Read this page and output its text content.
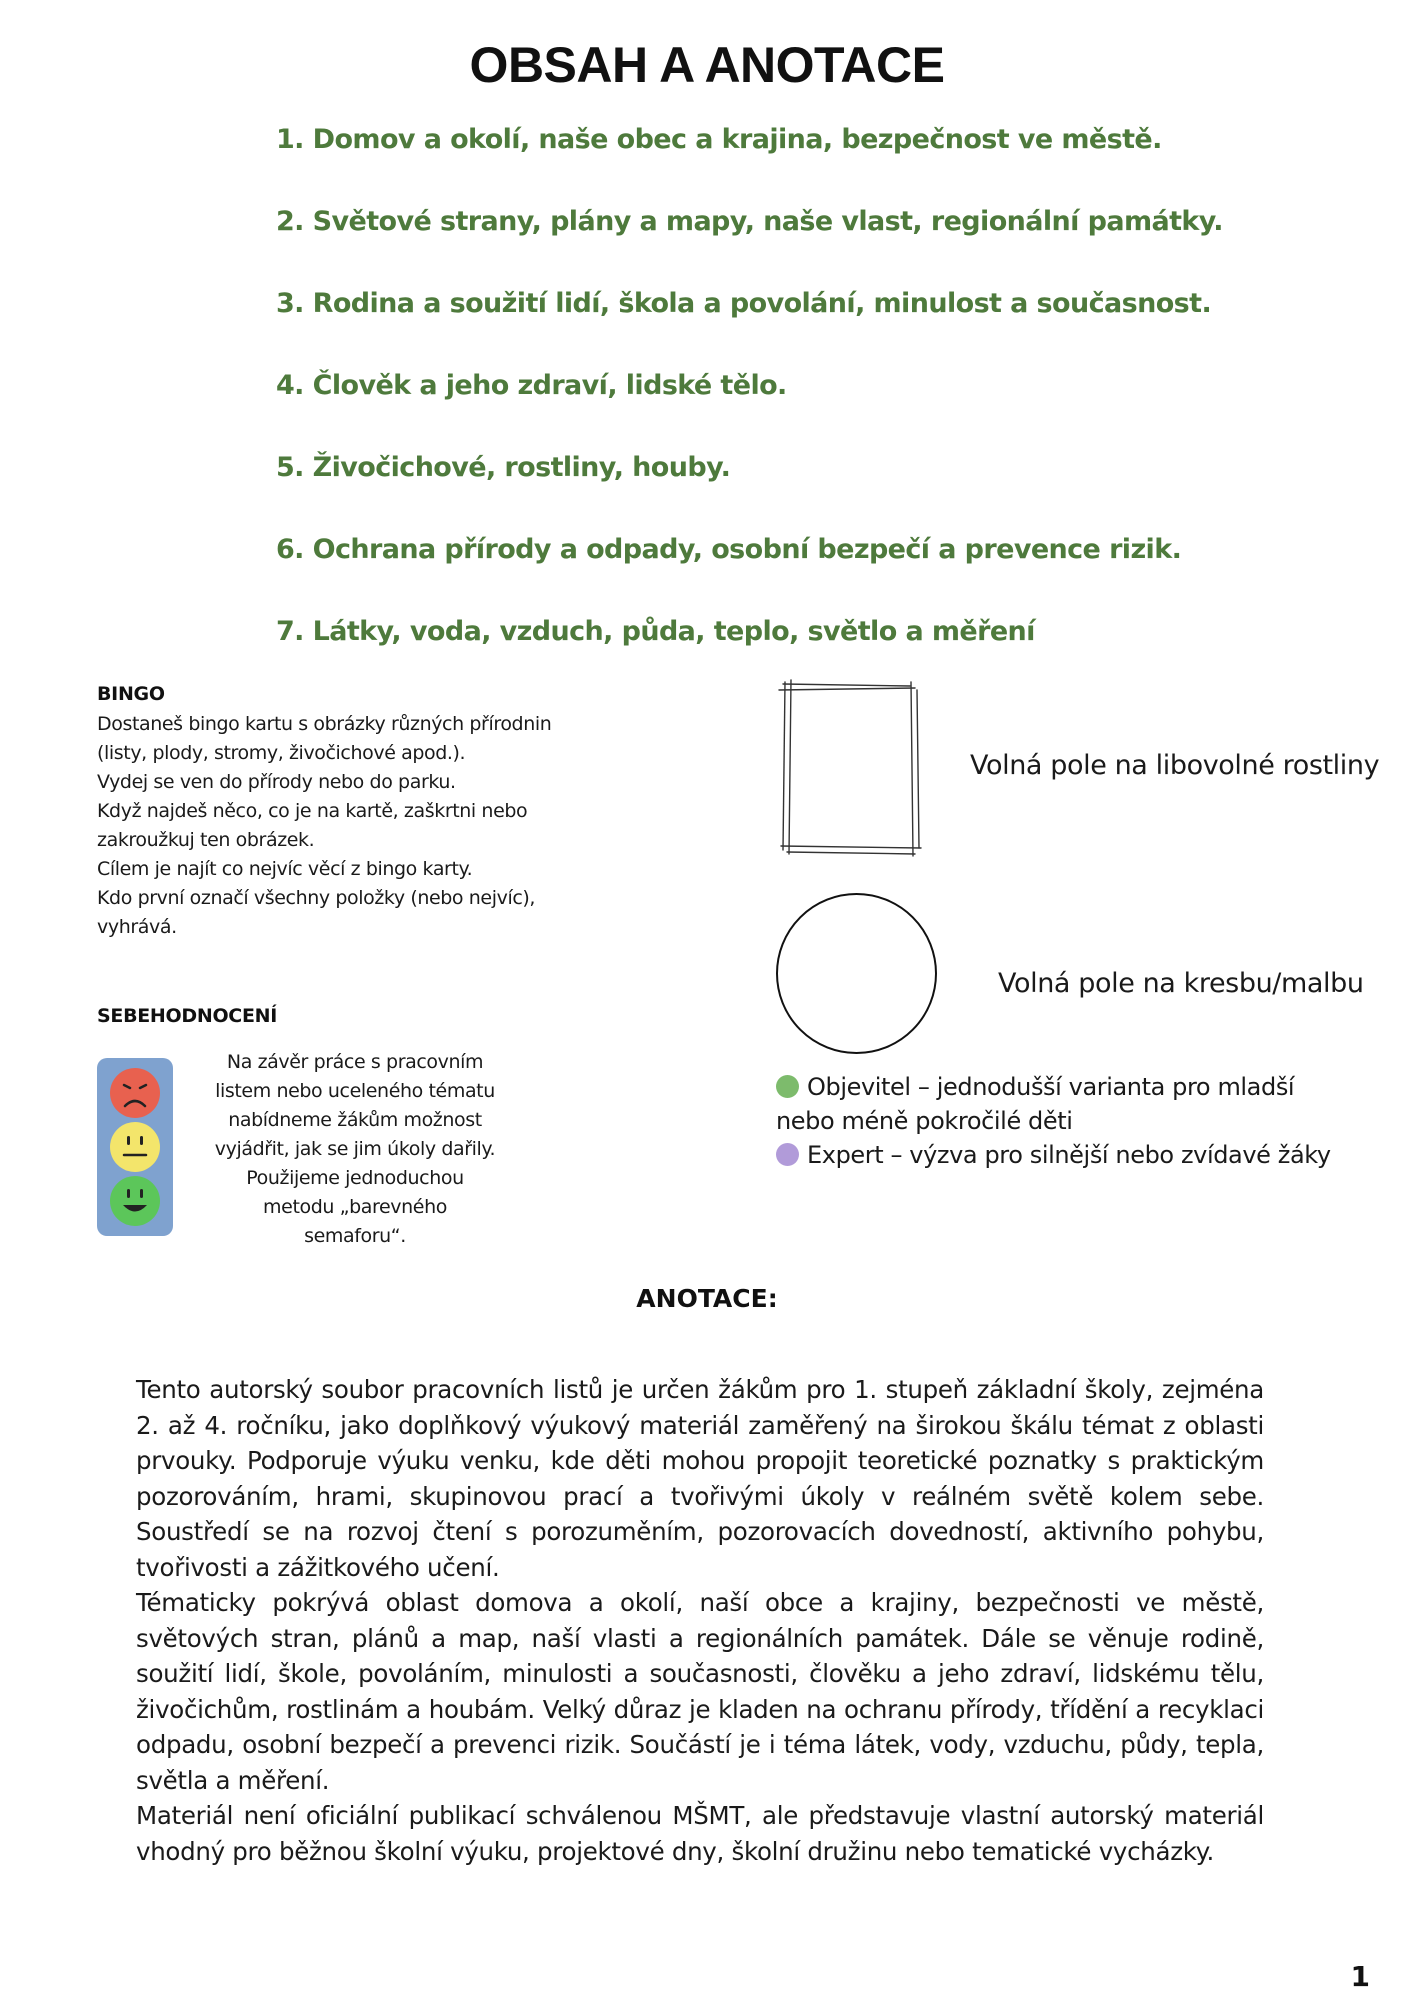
OBSAH A ANOTACE
1. Domov a okolí, naše obec a krajina, bezpečnost ve městě.
2. Světové strany, plány a mapy, naše vlast, regionální památky.
3. Rodina a soužití lidí, škola a povolání, minulost a současnost.
4. Člověk a jeho zdraví, lidské tělo.
5. Živočichové, rostliny, houby.
6. Ochrana přírody a odpady, osobní bezpečí a prevence rizik.
7. Látky, voda, vzduch, půda, teplo, světlo a měření
BINGO
Dostaneš bingo kartu s obrázky různých přírodnin
(listy, plody, stromy, živočichové apod.).
Vydej se ven do přírody nebo do parku.
Když najdeš něco, co je na kartě, zaškrtni nebo
zakroužkuj ten obrázek.
Cílem je najít co nejvíc věcí z bingo karty.
Kdo první označí všechny položky (nebo nejvíc),
vyhrává.
SEBEHODNOCENÍ
Na závěr práce s pracovním
listem nebo uceleného tématu
nabídneme žákům možnost
vyjádřit, jak se jim úkoly dařily.
Použijeme jednoduchou
metodu „barevného
semaforu“.
Volná pole na libovolné rostliny
Volná pole na kresbu/malbu
Objevitel – jednodušší varianta pro mladší
nebo méně pokročilé děti
Expert – výzva pro silnější nebo zvídavé žáky
ANOTACE:

Tento autorský soubor pracovních listů je určen žákům pro 1. stupeň základní školy, zejména 2. až 4. ročníku, jako doplňkový výukový materiál zaměřený na širokou škálu témat z oblasti prvouky. Podporuje výuku venku, kde děti mohou propojit teoretické poznatky s praktickým pozorováním, hrami, skupinovou prací a tvořivými úkoly v reálném světě kolem sebe. Soustředí se na rozvoj čtení s porozuměním, pozorovacích dovedností, aktivního pohybu, tvořivosti a zážitkového učení.

Tématicky pokrývá oblast domova a okolí, naší obce a krajiny, bezpečnosti ve městě, světových stran, plánů a map, naší vlasti a regionálních památek. Dále se věnuje rodině, soužití lidí, škole, povoláním, minulosti a současnosti, člověku a jeho zdraví, lidskému tělu, živočichům, rostlinám a houbám. Velký důraz je kladen na ochranu přírody, třídění a recyklaci odpadu, osobní bezpečí a prevenci rizik. Součástí je i téma látek, vody, vzduchu, půdy, tepla, světla a měření.

Materiál není oficiální publikací schválenou MŠMT, ale představuje vlastní autorský materiál vhodný pro běžnou školní výuku, projektové dny, školní družinu nebo tematické vycházky.

1
